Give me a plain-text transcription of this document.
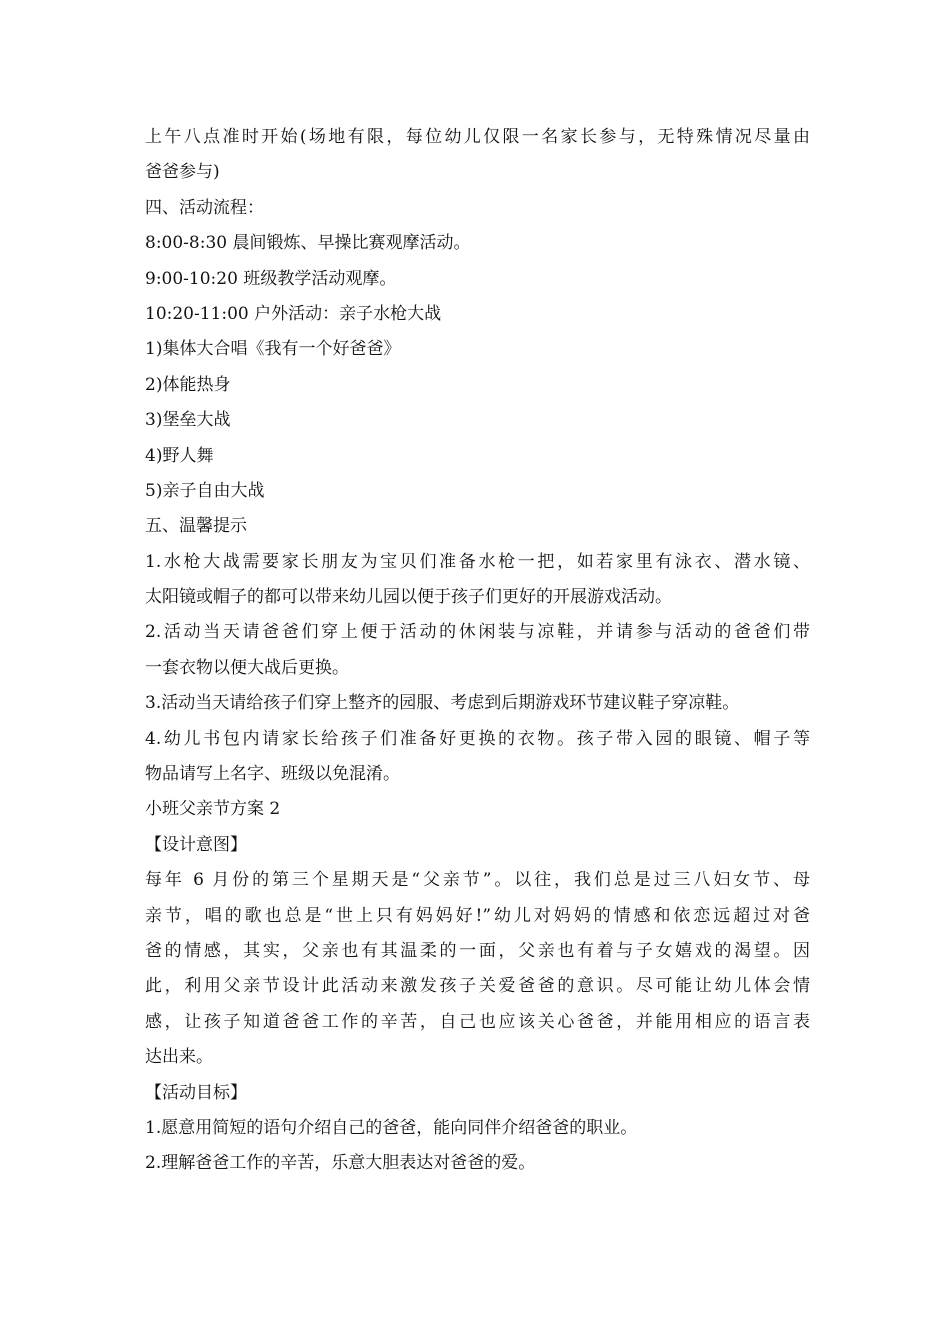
上午八点准时开始(场地有限，每位幼儿仅限一名家长参与，无特殊情况尽量由
爸爸参与)
四、活动流程：
8:00-8:30 晨间锻炼、早操比赛观摩活动。
9:00-10:20 班级教学活动观摩。
10:20-11:00 户外活动：亲子水枪大战
1)集体大合唱《我有一个好爸爸》
2)体能热身
3)堡垒大战
4)野人舞
5)亲子自由大战
五、温馨提示
1.水枪大战需要家长朋友为宝贝们准备水枪一把，如若家里有泳衣、潜水镜、
太阳镜或帽子的都可以带来幼儿园以便于孩子们更好的开展游戏活动。
2.活动当天请爸爸们穿上便于活动的休闲装与凉鞋，并请参与活动的爸爸们带
一套衣物以便大战后更换。
3.活动当天请给孩子们穿上整齐的园服、考虑到后期游戏环节建议鞋子穿凉鞋。
4.幼儿书包内请家长给孩子们准备好更换的衣物。孩子带入园的眼镜、帽子等
物品请写上名字、班级以免混淆。
小班父亲节方案 2
【设计意图】
每年 6 月份的第三个星期天是“父亲节”。以往，我们总是过三八妇女节、母
亲节，唱的歌也总是“世上只有妈妈好!”幼儿对妈妈的情感和依恋远超过对爸
爸的情感，其实，父亲也有其温柔的一面，父亲也有着与子女嬉戏的渴望。因
此，利用父亲节设计此活动来激发孩子关爱爸爸的意识。尽可能让幼儿体会情
感，让孩子知道爸爸工作的辛苦，自己也应该关心爸爸，并能用相应的语言表
达出来。
【活动目标】
1.愿意用简短的语句介绍自己的爸爸，能向同伴介绍爸爸的职业。
2.理解爸爸工作的辛苦，乐意大胆表达对爸爸的爱。
